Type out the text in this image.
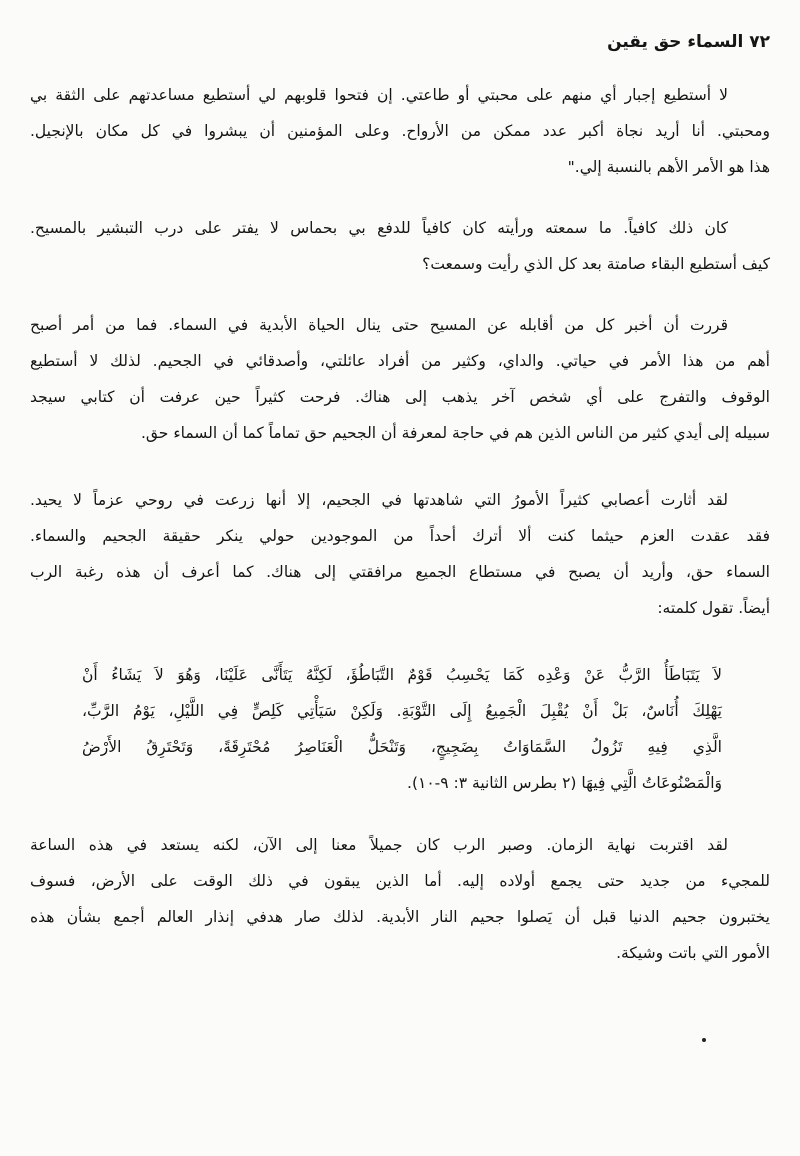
٧٢ السماء حق يقين
لا أستطيع إجبار أي منهم على محبتي أو طاعتي. إن فتحوا قلوبهم لي أستطيع مساعدتهم على الثقة بي
ومحبتي. أنا أريد نجاة أكبر عدد ممكن من الأرواح. وعلى المؤمنين أن يبشروا في كل مكان بالإنجيل.
هذا هو الأمر الأهم بالنسبة إلي."
كان ذلك كافياً. ما سمعته ورأيته كان كافياً للدفع بي بحماس لا يفتر على درب التبشير بالمسيح.
كيف أستطيع البقاء صامتة بعد كل الذي رأيت وسمعت؟
قررت أن أخبر كل من أقابله عن المسيح حتى ينال الحياة الأبدية في السماء. فما من أمر أصبح
أهم من هذا الأمر في حياتي. والداي، وكثير من أفراد عائلتي، وأصدقائي في الجحيم. لذلك لا أستطيع
الوقوف والتفرج على أي شخص آخر يذهب إلى هناك. فرحت كثيراً حين عرفت أن كتابي سيجد
سبيله إلى أيدي كثير من الناس الذين هم في حاجة لمعرفة أن الجحيم حق تماماً كما أن السماء حق.
لقد أثارت أعصابي كثيراً الأمورُ التي شاهدتها في الجحيم، إلا أنها زرعت في روحي عزماً لا يحيد.
فقد عقدت العزم حيثما كنت ألا أترك أحداً من الموجودين حولي ينكر حقيقة الجحيم والسماء.
السماء حق، وأريد أن يصبح في مستطاع الجميع مرافقتي إلى هناك. كما أعرف أن هذه رغبة الرب
أيضاً. تقول كلمته:
لاَ يَتَبَاطَأُ الرَّبُّ عَنْ وَعْدِه كَمَا يَحْسِبُ قَوْمٌ التَّبَاطُؤَ، لَكِنَّهُ يَتَأَنَّى عَلَيْنَا، وَهُوَ لاَ يَشَاءُ أَنْ
يَهْلِكَ أُنَاسٌ، بَلْ أَنْ يُقْبِلَ الْجَمِيعُ إِلَى التَّوْبَةِ. وَلَكِنْ سَيَأْتِي كَلِصٍّ فِي اللَّيْلِ، يَوْمُ الرَّبِّ،
الَّذِي فِيهِ تَزُولُ السَّمَاوَاتُ بِضَجِيجٍ، وَتَنْحَلُّ الْعَنَاصِرُ مُحْتَرِقَةً، وَتَحْتَرِقُ الأَرْضُ
وَالْمَصْنُوعَاتُ الَّتِي فِيهَا (٢ بطرس الثانية ٣: ٩-١٠).
لقد اقتربت نهاية الزمان. وصبر الرب كان جميلاً معنا إلى الآن، لكنه يستعد في هذه الساعة
للمجيء من جديد حتى يجمع أولاده إليه. أما الذين يبقون في ذلك الوقت على الأرض، فسوف
يختبرون جحيم الدنيا قبل أن يَصلوا جحيم النار الأبدية. لذلك صار هدفي إنذار العالم أجمع بشأن هذه
الأمور التي باتت وشيكة.
